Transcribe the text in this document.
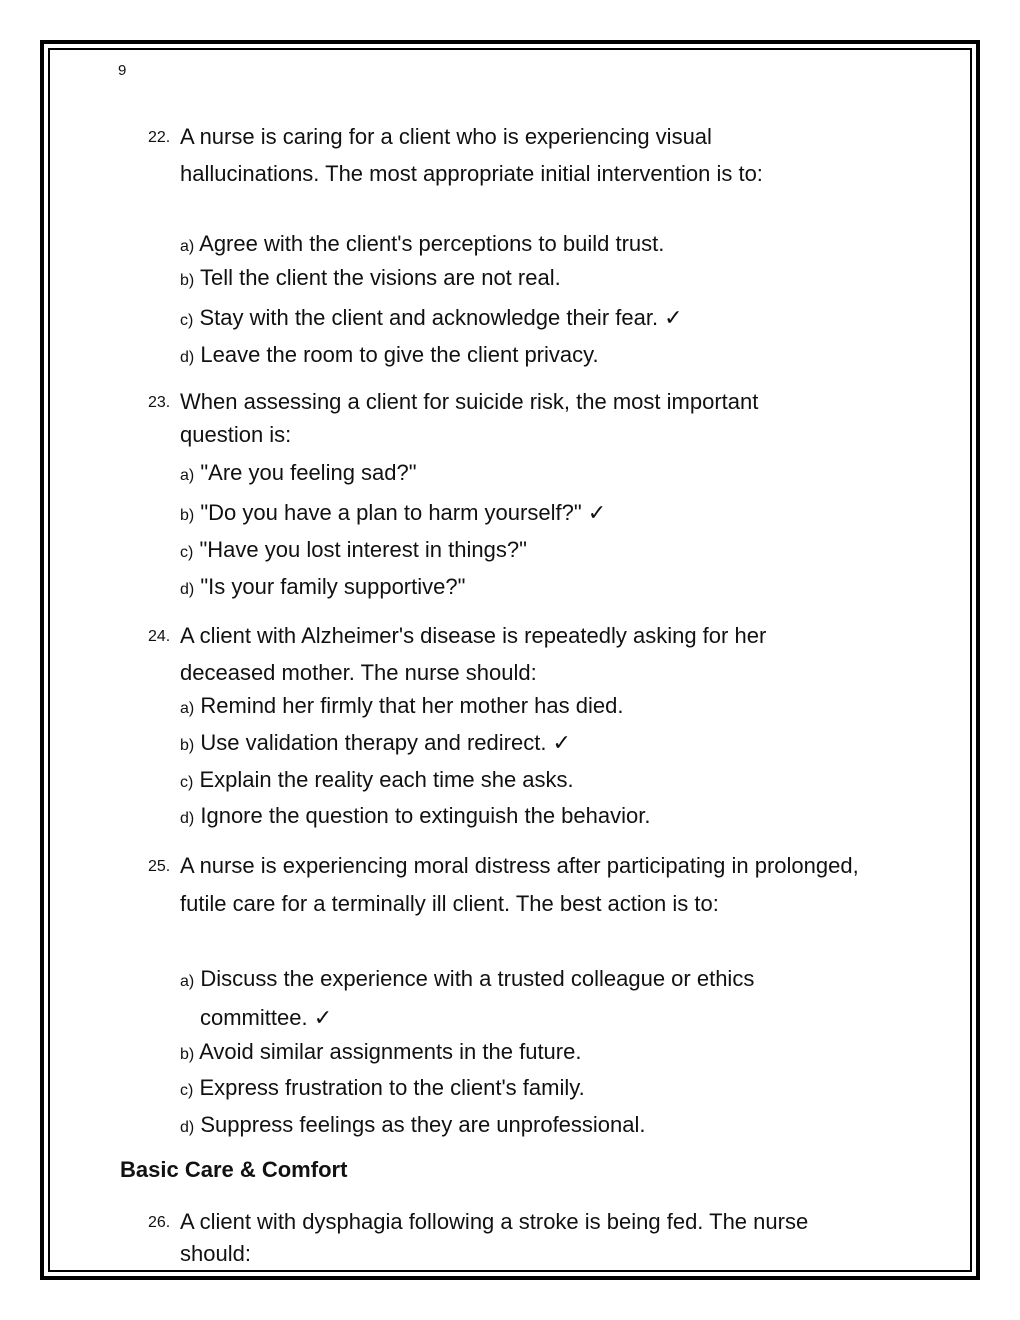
9
22. A nurse is caring for a client who is experiencing visual hallucinations. The most appropriate initial intervention is to:
a) Agree with the client's perceptions to build trust.
b) Tell the client the visions are not real.
c) Stay with the client and acknowledge their fear. ✓
d) Leave the room to give the client privacy.
23. When assessing a client for suicide risk, the most important question is:
a) "Are you feeling sad?"
b) "Do you have a plan to harm yourself?" ✓
c) "Have you lost interest in things?"
d) "Is your family supportive?"
24. A client with Alzheimer's disease is repeatedly asking for her deceased mother. The nurse should:
a) Remind her firmly that her mother has died.
b) Use validation therapy and redirect. ✓
c) Explain the reality each time she asks.
d) Ignore the question to extinguish the behavior.
25. A nurse is experiencing moral distress after participating in prolonged, futile care for a terminally ill client. The best action is to:
a) Discuss the experience with a trusted colleague or ethics committee. ✓
b) Avoid similar assignments in the future.
c) Express frustration to the client's family.
d) Suppress feelings as they are unprofessional.
Basic Care & Comfort
26. A client with dysphagia following a stroke is being fed. The nurse should:
